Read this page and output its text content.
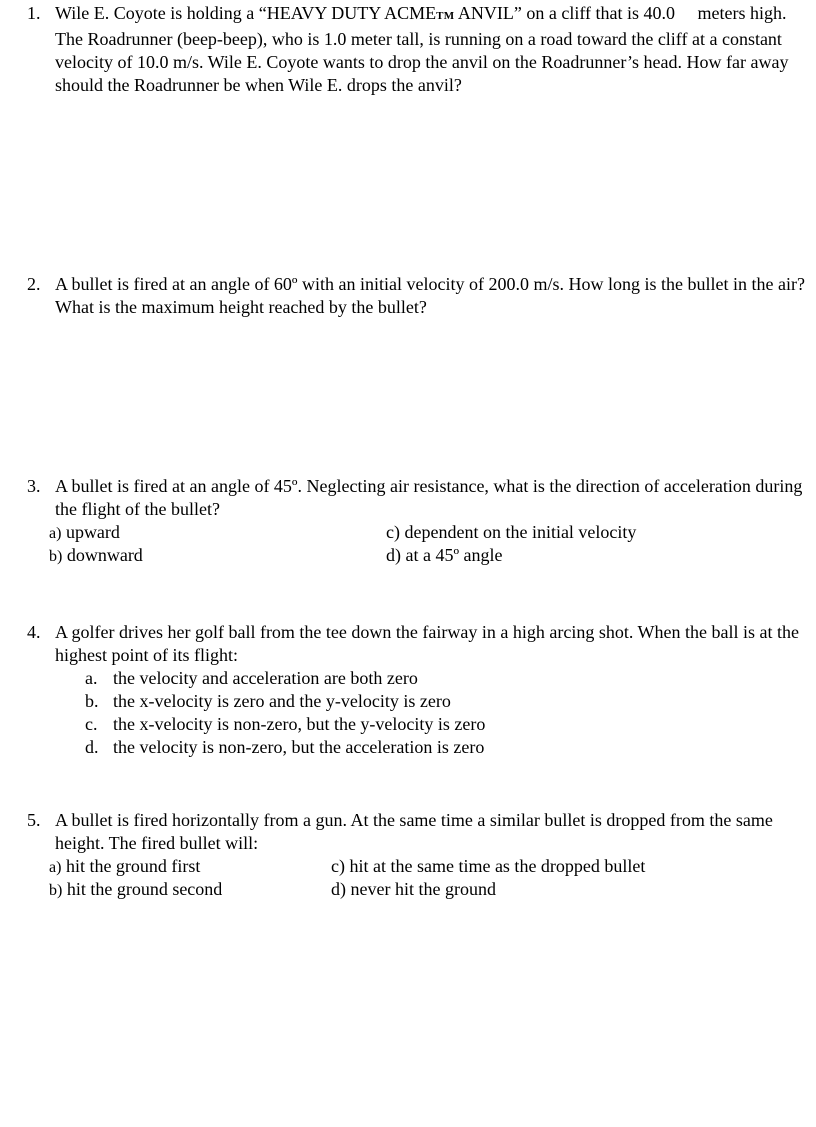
1. Wile E. Coyote is holding a “HEAVY DUTY ACMETM ANVIL” on a cliff that is 40.0     meters high. The Roadrunner (beep-beep), who is 1.0 meter tall, is running on a road toward the cliff at a constant velocity of 10.0 m/s. Wile E. Coyote wants to drop the anvil on the Roadrunner’s head. How far away should the Roadrunner be when Wile E. drops the anvil?
2. A bullet is fired at an angle of 60º with an initial velocity of 200.0 m/s. How long is the bullet in the air? What is the maximum height reached by the bullet?
3. A bullet is fired at an angle of 45º. Neglecting air resistance, what is the direction of acceleration during the flight of the bullet?
a) upward
b) downward
c) dependent on the initial velocity
d) at a 45º angle
4. A golfer drives her golf ball from the tee down the fairway in a high arcing shot. When the ball is at the highest point of its flight:
a. the velocity and acceleration are both zero
b. the x-velocity is zero and the y-velocity is zero
c. the x-velocity is non-zero, but the y-velocity is zero
d. the velocity is non-zero, but the acceleration is zero
5. A bullet is fired horizontally from a gun. At the same time a similar bullet is dropped from the same height. The fired bullet will:
a) hit the ground first
b) hit the ground second
c) hit at the same time as the dropped bullet
d) never hit the ground
